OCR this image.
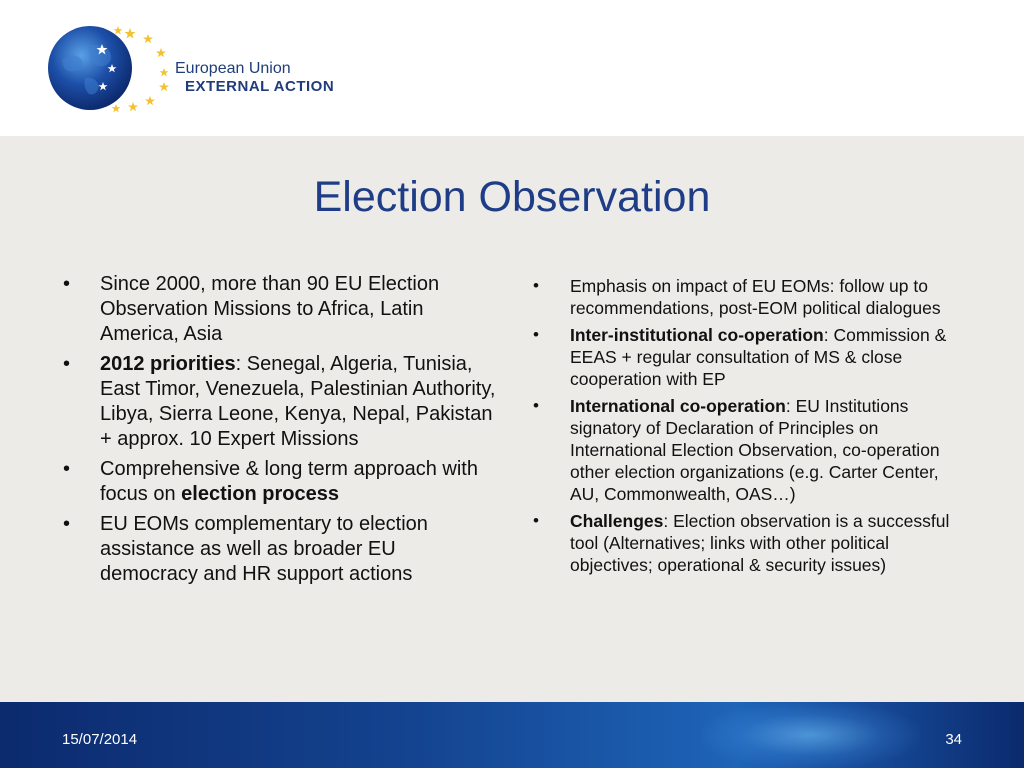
European Union
EXTERNAL ACTION
Election Observation
• Since 2000, more than 90 EU Election Observation Missions to Africa, Latin America, Asia
• 2012 priorities: Senegal, Algeria, Tunisia, East Timor, Venezuela, Palestinian Authority, Libya, Sierra Leone, Kenya, Nepal, Pakistan + approx. 10 Expert Missions
• Comprehensive & long term approach with focus on election process
• EU EOMs complementary to election assistance as well as broader EU democracy and HR support actions
• Emphasis on impact of EU EOMs: follow up to recommendations, post-EOM political dialogues
• Inter-institutional co-operation: Commission & EEAS + regular consultation of MS & close cooperation with EP
• International co-operation: EU Institutions signatory of Declaration of Principles on International Election Observation, co-operation other election organizations (e.g. Carter Center, AU, Commonwealth, OAS…)
• Challenges: Election observation is a successful tool (Alternatives; links with other political objectives; operational & security issues)
15/07/2014	34
